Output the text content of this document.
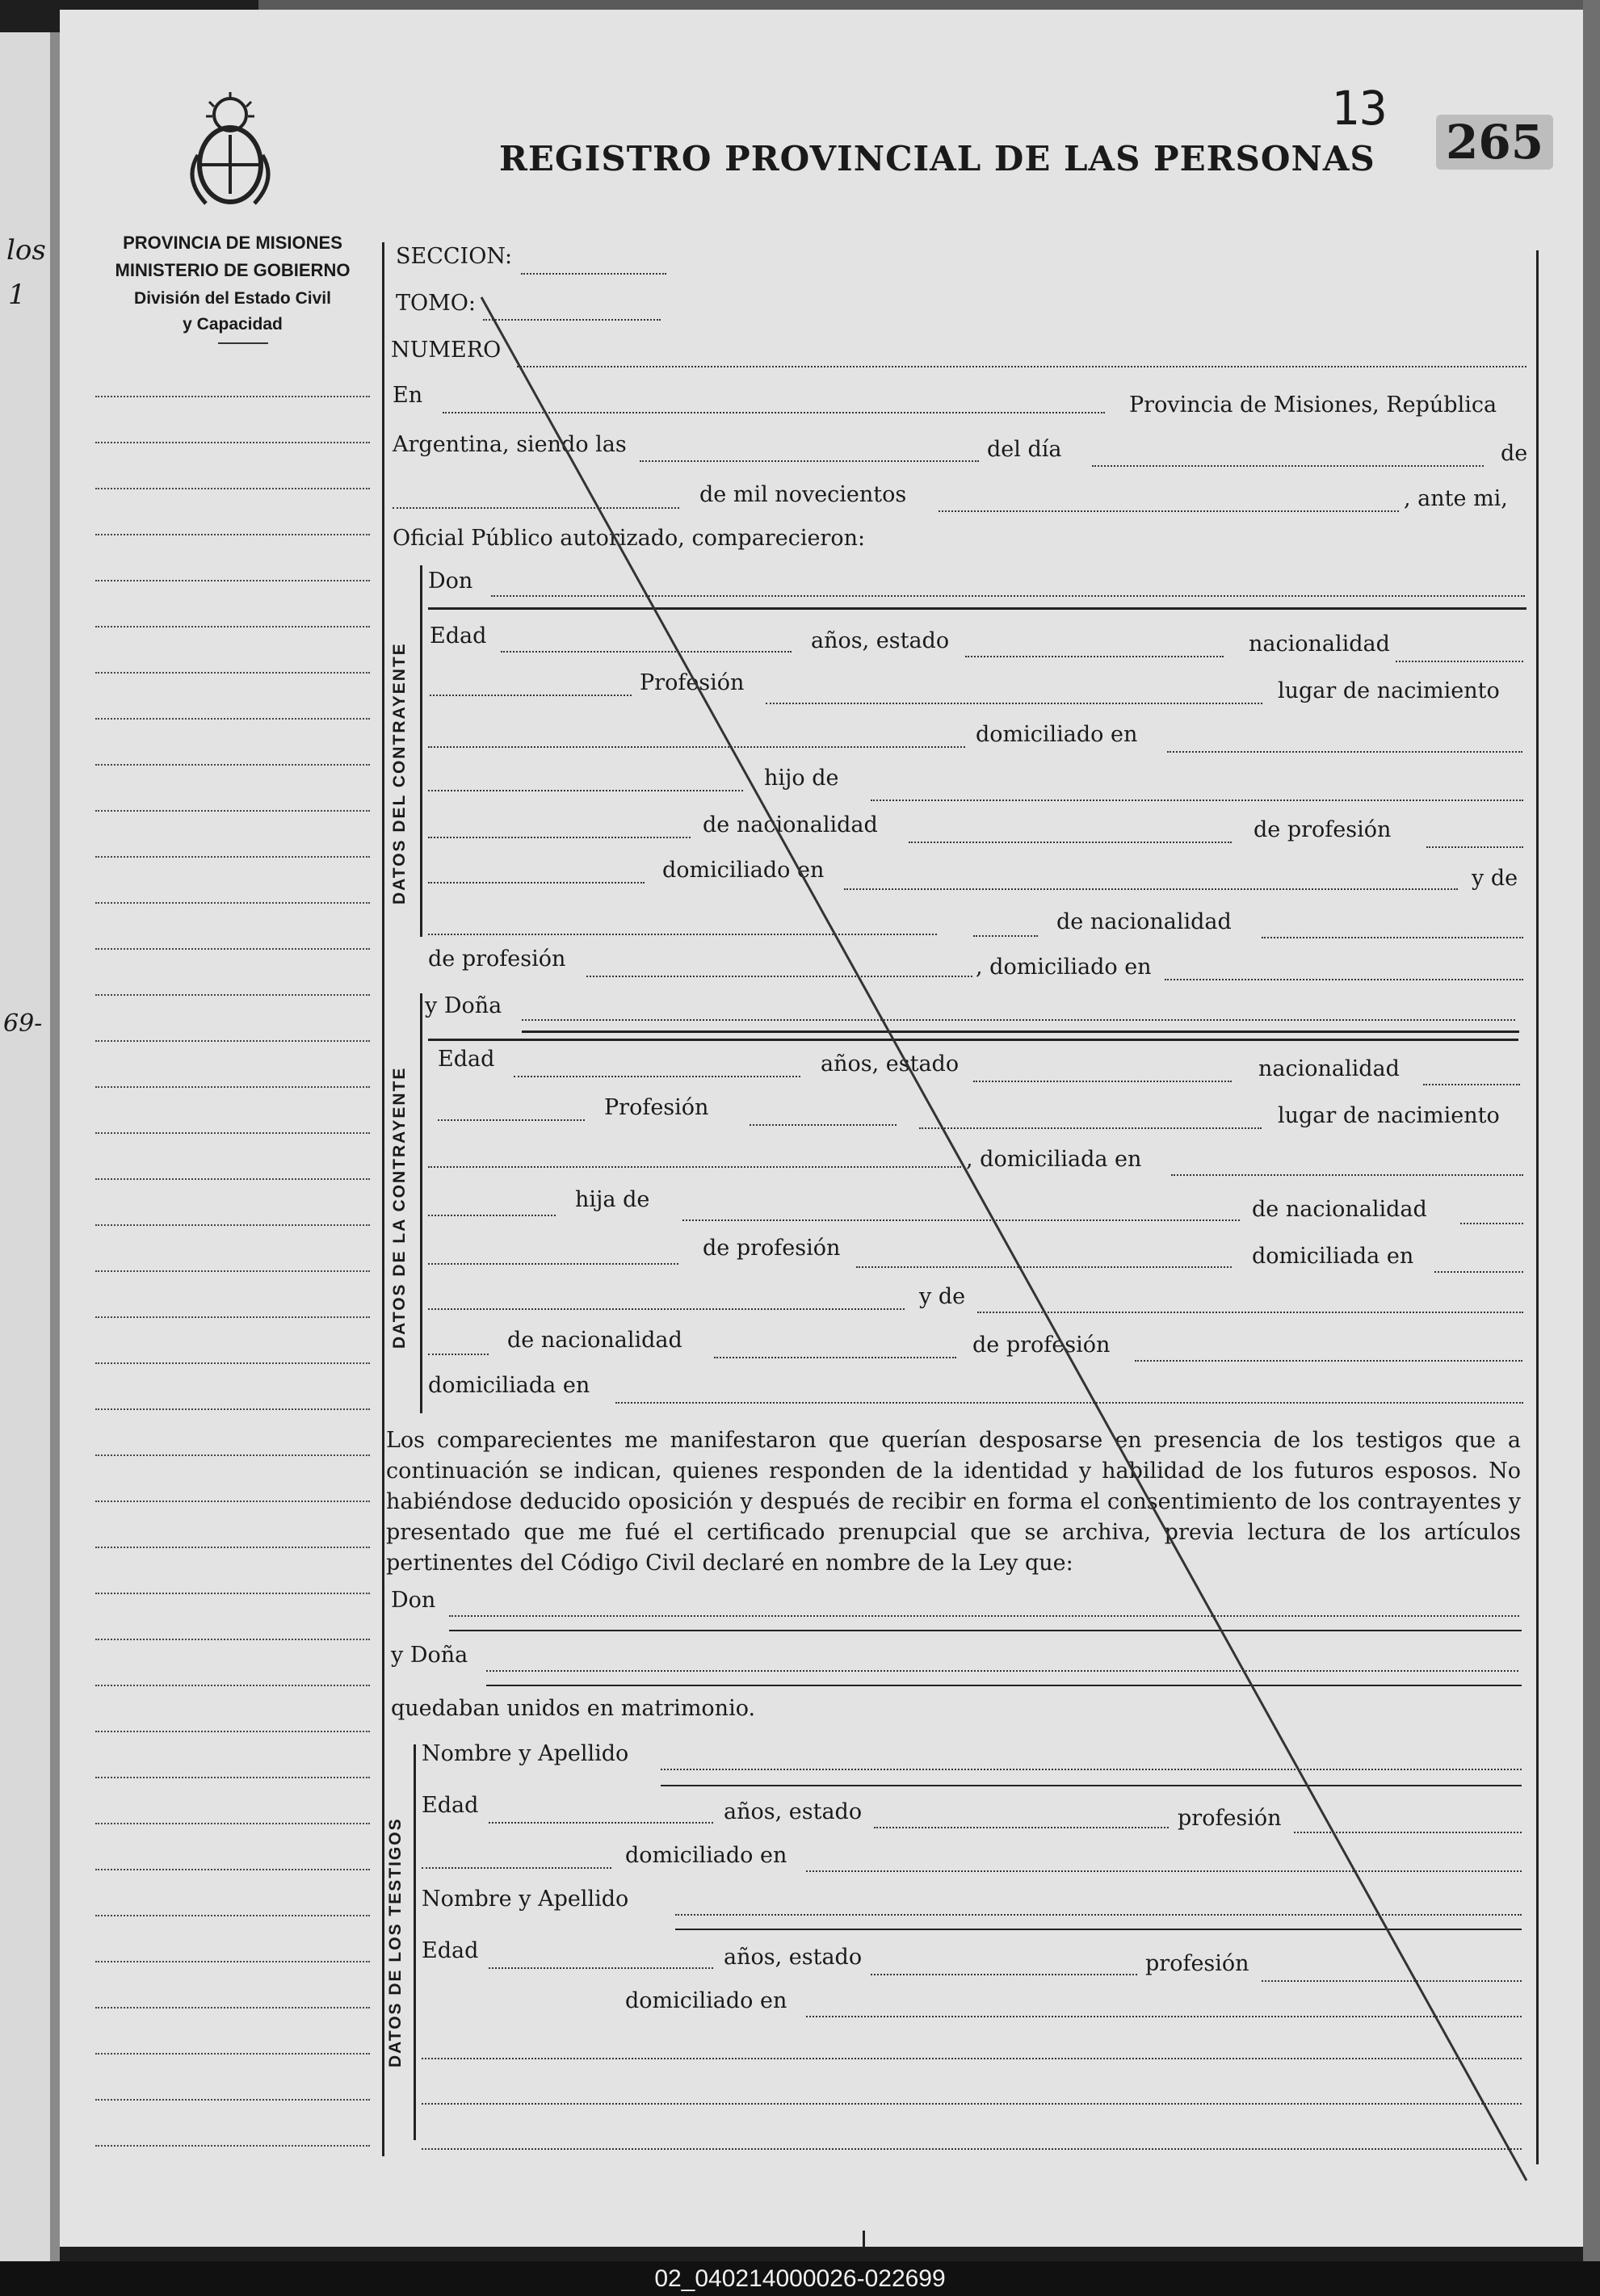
los
1
69-
PROVINCIA DE MISIONES
MINISTERIO DE GOBIERNO
División del Estado Civil
y Capacidad
REGISTRO PROVINCIAL DE LAS PERSONAS
13
265
DATOS DEL CONTRAYENTE
DATOS DE LA CONTRAYENTE
DATOS DE LOS TESTIGOS
SECCION:
TOMO:
NUMERO
En	Provincia de Misiones, República
Argentina, siendo las	del día	de
de mil novecientos	, ante mi,
Oficial Público autorizado, comparecieron:
Don
Edad	años, estado	nacionalidad
Profesión	lugar de nacimiento
domiciliado en
hijo de
de nacionalidad	de profesión
domiciliado en	y de
de nacionalidad
de profesión	, domiciliado en
y Doña
Edad	años, estado	nacionalidad
Profesión	lugar de nacimiento
, domiciliada en
hija de	de nacionalidad
de profesión	domiciliada en
y de
de nacionalidad	de profesión
domiciliada en
Los comparecientes me manifestaron que querían desposarse en presencia de los testigos que a continuación se indican, quienes responden de la identidad y habilidad de los futuros esposos. No habiéndose deducido oposición y después de recibir en forma el consentimiento de los contrayentes y presentado que me fué el certificado prenupcial que se archiva, previa lectura de los artículos pertinentes del Código Civil declaré en nombre de la Ley que:
Don
y Doña
quedaban unidos en matrimonio.
Nombre y Apellido
Edad	años, estado	profesión
domiciliado en
Nombre y Apellido
Edad	años, estado	profesión
domiciliado en
02_040214000026-022699
